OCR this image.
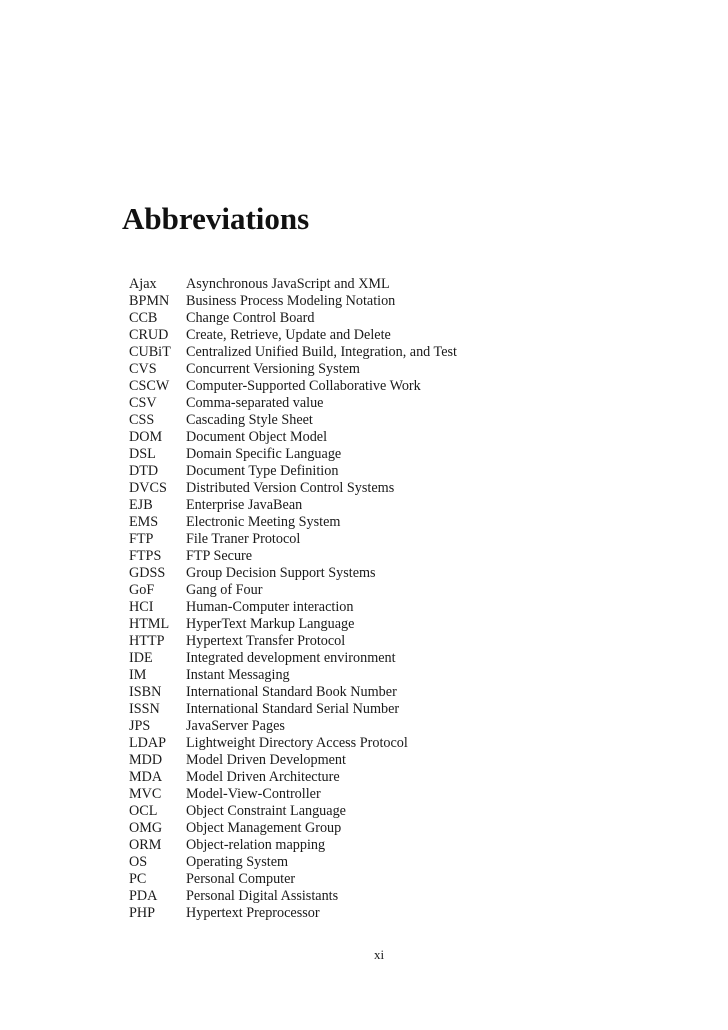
Abbreviations
Ajax Asynchronous JavaScript and XML
BPMN Business Process Modeling Notation
CCB Change Control Board
CRUD Create, Retrieve, Update and Delete
CUBiT Centralized Unified Build, Integration, and Test
CVS Concurrent Versioning System
CSCW Computer-Supported Collaborative Work
CSV Comma-separated value
CSS Cascading Style Sheet
DOM Document Object Model
DSL Domain Specific Language
DTD Document Type Definition
DVCS Distributed Version Control Systems
EJB Enterprise JavaBean
EMS Electronic Meeting System
FTP File Traner Protocol
FTPS FTP Secure
GDSS Group Decision Support Systems
GoF Gang of Four
HCI Human-Computer interaction
HTML HyperText Markup Language
HTTP Hypertext Transfer Protocol
IDE Integrated development environment
IM	Instant Messaging
ISBN International Standard Book Number
ISSN International Standard Serial Number
JPS	JavaServer Pages
LDAP Lightweight Directory Access Protocol
MDD Model Driven Development
MDA Model Driven Architecture
MVC Model-View-Controller
OCL Object Constraint Language
OMG Object Management Group
ORM Object-relation mapping
OS	Operating System
PC	Personal Computer
PDA Personal Digital Assistants
PHP Hypertext Preprocessor
xi
